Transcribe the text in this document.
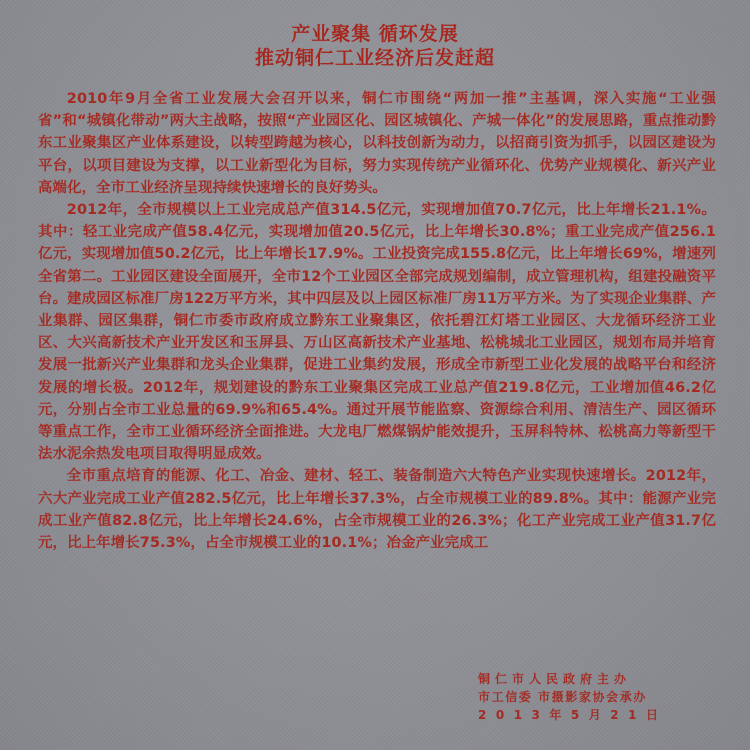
产业聚集 循环发展
推动铜仁工业经济后发赶超

2010年9月全省工业发展大会召开以来，铜仁市围绕“两加一推”主基调，深入实施“工业强省”和“城镇化带动”两大主战略，按照“产业园区化、园区城镇化、产城一体化”的发展思路，重点推动黔东工业聚集区产业体系建设，以转型跨越为核心，以科技创新为动力，以招商引资为抓手，以园区建设为平台，以项目建设为支撑，以工业新型化为目标，努力实现传统产业循环化、优势产业规模化、新兴产业高端化，全市工业经济呈现持续快速增长的良好势头。

2012年，全市规模以上工业完成总产值314.5亿元，实现增加值70.7亿元，比上年增长21.1%。其中：轻工业完成产值58.4亿元，实现增加值20.5亿元，比上年增长30.8%；重工业完成产值256.1亿元，实现增加值50.2亿元，比上年增长17.9%。工业投资完成155.8亿元，比上年增长69%，增速列全省第二。工业园区建设全面展开，全市12个工业园区全部完成规划编制，成立管理机构，组建投融资平台。建成园区标准厂房122万平方米，其中四层及以上园区标准厂房11万平方米。为了实现企业集群、产业集群、园区集群，铜仁市委市政府成立黔东工业聚集区，依托碧江灯塔工业园区、大龙循环经济工业区、大兴高新技术产业开发区和玉屏县、万山区高新技术产业基地、松桃城北工业园区，规划布局并培育发展一批新兴产业集群和龙头企业集群，促进工业集约发展，形成全市新型工业化发展的战略平台和经济发展的增长极。2012年，规划建设的黔东工业聚集区完成工业总产值219.8亿元，工业增加值46.2亿元，分别占全市工业总量的69.9%和65.4%。通过开展节能监察、资源综合利用、清洁生产、园区循环等重点工作，全市工业循环经济全面推进。大龙电厂燃煤锅炉能效提升，玉屏科特林、松桃高力等新型干法水泥余热发电项目取得明显成效。

全市重点培育的能源、化工、冶金、建材、轻工、装备制造六大特色产业实现快速增长。2012年，六大产业完成工业产值282.5亿元，比上年增长37.3%，占全市规模工业的89.8%。其中：能源产业完成工业产值82.8亿元，比上年增长24.6%，占全市规模工业的26.3%；化工产业完成工业产值31.7亿元，比上年增长75.3%，占全市规模工业的10.1%；冶金产业完成工

铜仁市人民政府主办
市工信委 市摄影家协会承办
2013年5月21日
